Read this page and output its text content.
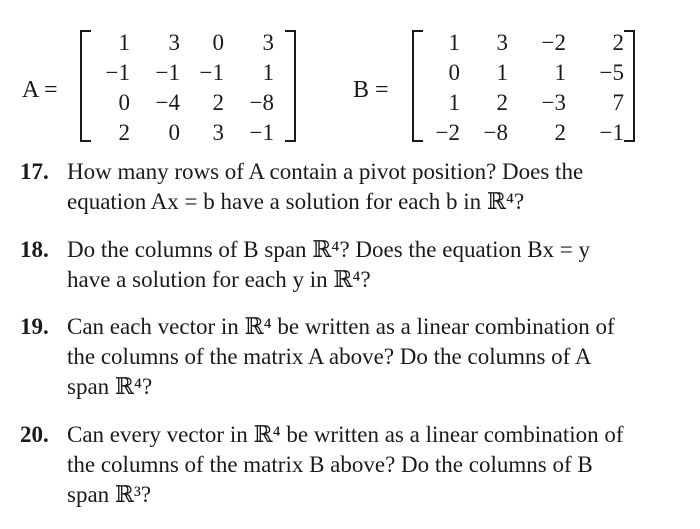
A =
1	3	0	3
−1	−1 −1	1
0	−4	2	−8
2	0	3	−1
B =
1	3	−2	2
0	1	1	−5
1	2	−3	7
−2	−8	2	−1
17. How many rows of A contain a pivot position? Does the
equation Ax = b have a solution for each b in ℝ⁴?
18. Do the columns of B span ℝ⁴? Does the equation Bx = y
have a solution for each y in ℝ⁴?
19. Can each vector in ℝ⁴ be written as a linear combination of
the columns of the matrix A above? Do the columns of A
span ℝ⁴?
20. Can every vector in ℝ⁴ be written as a linear combination of
the columns of the matrix B above? Do the columns of B
span ℝ³?
